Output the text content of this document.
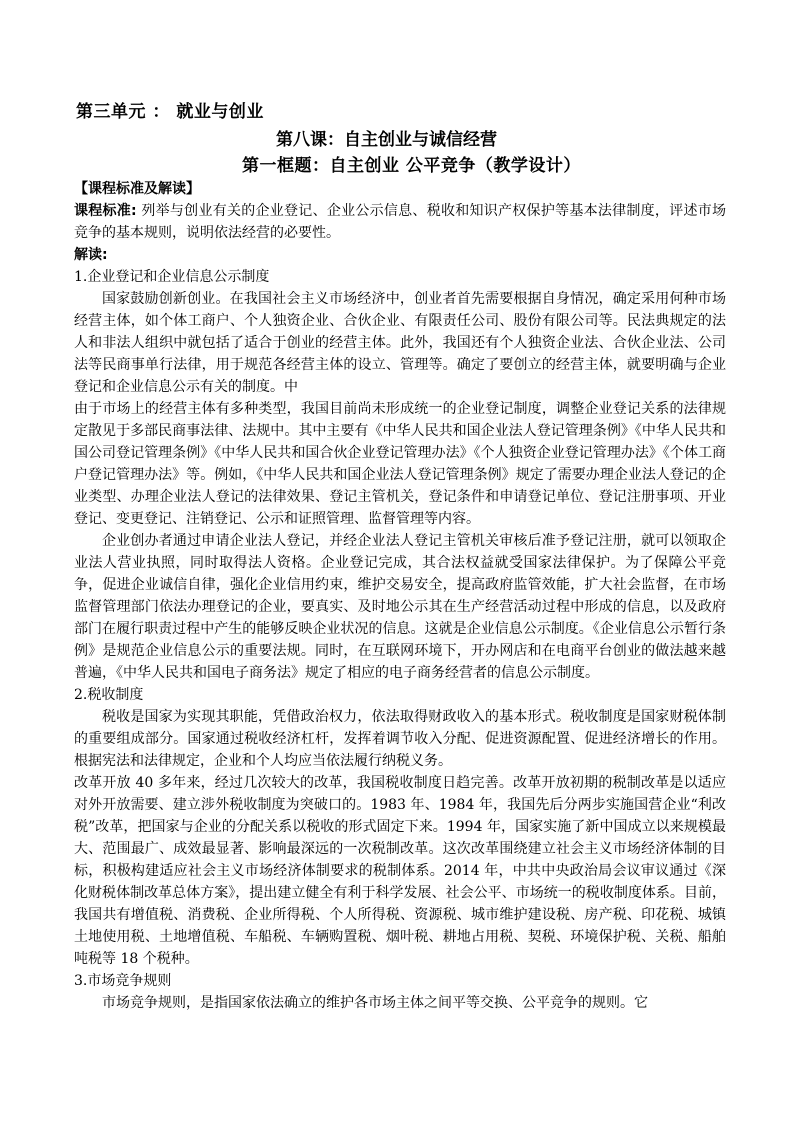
第三单元 ： 就业与创业
第八课：自主创业与诚信经营
第一框题：自主创业 公平竞争（教学设计）

【课程标准及解读】

课程标准: 列举与创业有关的企业登记、企业公示信息、税收和知识产权保护等基本法律制度，评述市场竞争的基本规则，说明依法经营的必要性。

解读:

1.企业登记和企业信息公示制度

国家鼓励创新创业。在我国社会主义市场经济中，创业者首先需要根据自身情况，确定采用何种市场经营主体，如个体工商户、个人独资企业、合伙企业、有限责任公司、股份有限公司等。民法典规定的法人和非法人组织中就包括了适合于创业的经营主体。此外，我国还有个人独资企业法、合伙企业法、公司法等民商事单行法律，用于规范各经营主体的设立、管理等。确定了要创立的经营主体，就要明确与企业登记和企业信息公示有关的制度。中

由于市场上的经营主体有多种类型，我国目前尚未形成统一的企业登记制度，调整企业登记关系的法律规定散见于多部民商事法律、法规中。其中主要有《中华人民共和国企业法人登记管理条例》《中华人民共和国公司登记管理条例》《中华人民共和国合伙企业登记管理办法》《个人独资企业登记管理办法》《个体工商户登记管理办法》等。例如，《中华人民共和国企业法人登记管理条例》规定了需要办理企业法人登记的企业类型、办理企业法人登记的法律效果、登记主管机关，登记条件和申请登记单位、登记注册事项、开业登记、变更登记、注销登记、公示和证照管理、监督管理等内容。

企业创办者通过申请企业法人登记，并经企业法人登记主管机关审核后准予登记注册，就可以领取企业法人营业执照，同时取得法人资格。企业登记完成，其合法权益就受国家法律保护。为了保障公平竞争，促进企业诚信自律，强化企业信用约束，维护交易安全，提高政府监管效能，扩大社会监督，在市场监督管理部门依法办理登记的企业，要真实、及时地公示其在生产经营活动过程中形成的信息，以及政府部门在履行职责过程中产生的能够反映企业状况的信息。这就是企业信息公示制度。《企业信息公示暂行条例》是规范企业信息公示的重要法规。同时，在互联网环境下，开办网店和在电商平台创业的做法越来越普遍，《中华人民共和国电子商务法》规定了相应的电子商务经营者的信息公示制度。

2.税收制度

税收是国家为实现其职能，凭借政治权力，依法取得财政收入的基本形式。税收制度是国家财税体制的重要组成部分。国家通过税收经济杠杆，发挥着调节收入分配、促进资源配置、促进经济增长的作用。根据宪法和法律规定，企业和个人均应当依法履行纳税义务。

改革开放 40 多年来，经过几次较大的改革，我国税收制度日趋完善。改革开放初期的税制改革是以适应对外开放需要、建立涉外税收制度为突破口的。1983 年、1984 年，我国先后分两步实施国营企业“利改税”改革，把国家与企业的分配关系以税收的形式固定下来。1994 年，国家实施了新中国成立以来规模最大、范围最广、成效最显著、影响最深远的一次税制改革。这次改革围绕建立社会主义市场经济体制的目标，积极构建适应社会主义市场经济体制要求的税制体系。2014 年，中共中央政治局会议审议通过《深化财税体制改革总体方案》，提出建立健全有利于科学发展、社会公平、市场统一的税收制度体系。目前，我国共有增值税、消费税、企业所得税、个人所得税、资源税、城市维护建设税、房产税、印花税、城镇土地使用税、土地增值税、车船税、车辆购置税、烟叶税、耕地占用税、契税、环境保护税、关税、船舶吨税等 18 个税种。

3.市场竞争规则

市场竞争规则，是指国家依法确立的维护各市场主体之间平等交换、公平竞争的规则。它
